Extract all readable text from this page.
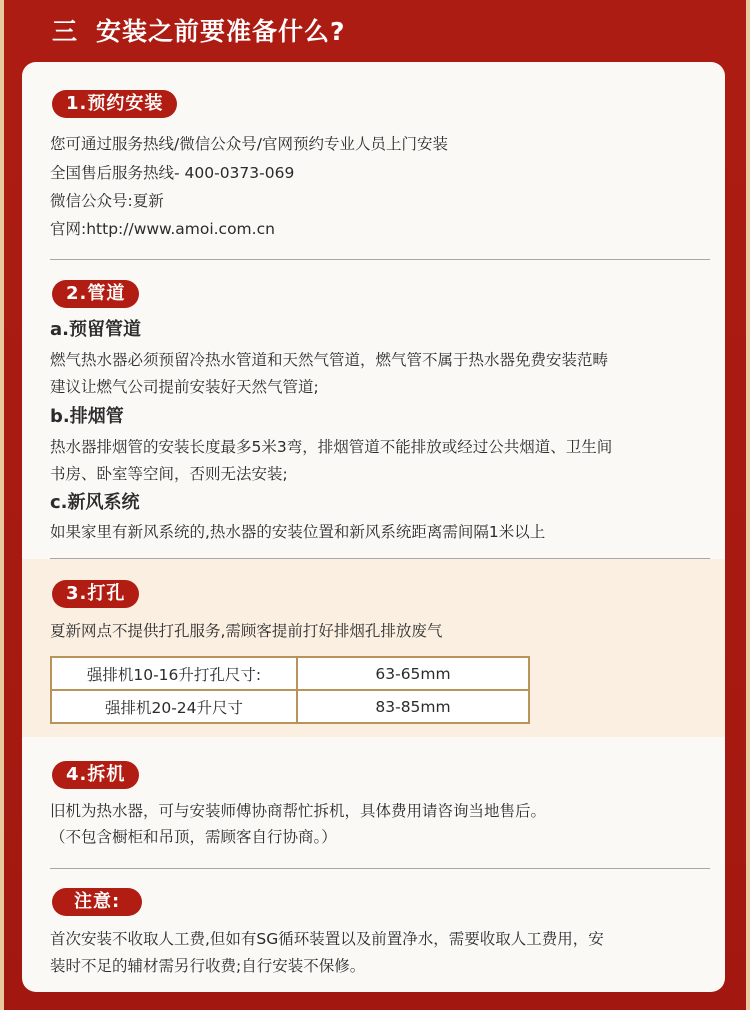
三 安装之前要准备什么?
1.预约安装
您可通过服务热线/微信公众号/官网预约专业人员上门安装
全国售后服务热线- 400-0373-069
微信公众号:夏新
官网:http://www.amoi.com.cn
2.管道
a.预留管道
燃气热水器必须预留冷热水管道和天然气管道，燃气管不属于热水器免费安装范畴
建议让燃气公司提前安装好天然气管道;
b.排烟管
热水器排烟管的安装长度最多5米3弯，排烟管道不能排放或经过公共烟道、卫生间
书房、卧室等空间，否则无法安装;
c.新风系统
如果家里有新风系统的,热水器的安装位置和新风系统距离需间隔1米以上
3.打孔
夏新网点不提供打孔服务,需顾客提前打好排烟孔排放废气
强排机10-16升打孔尺寸:	63-65mm
强排机20-24升尺寸	83-85mm
4.拆机
旧机为热水器，可与安装师傅协商帮忙拆机，具体费用请咨询当地售后。
（不包含橱柜和吊顶，需顾客自行协商。）
注意:
首次安装不收取人工费,但如有SG循环装置以及前置净水，需要收取人工费用，安
装时不足的辅材需另行收费;自行安装不保修。
